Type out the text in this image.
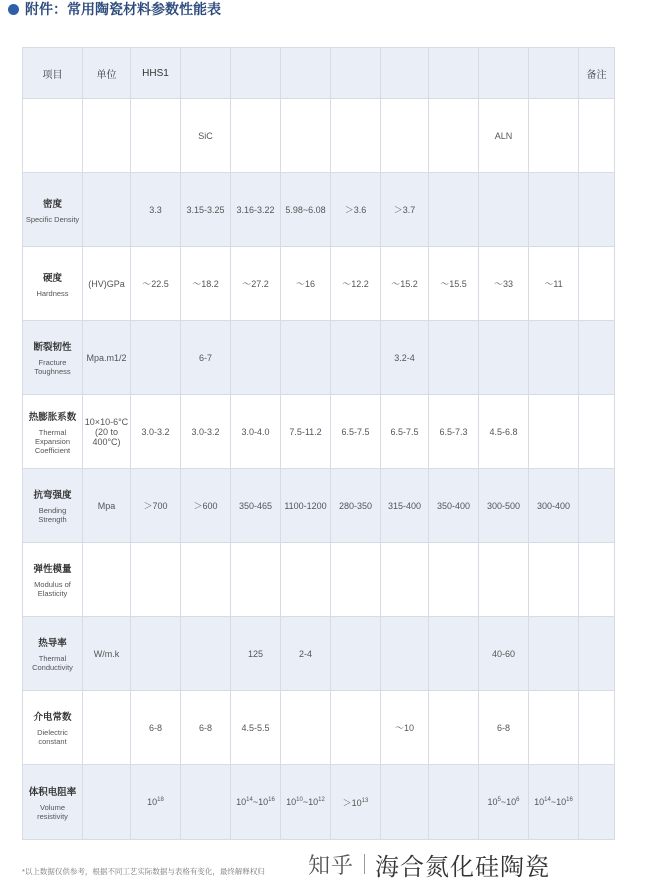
附件：常用陶瓷材料参数性能表
项目	单位	HHS1									备注
			SiC						ALN		

密度
Specific Density		3.3	3.15-3.25	3.16-3.22	5.98~6.08	＞3.6	＞3.7				

硬度
Hardness	(HV)GPa	～22.5	～18.2	～27.2	～16	～12.2	～15.2	～15.5	～33	～11	

断裂韧性
Fracture Toughness	Mpa.m1/2		6-7				3.2-4				

热膨胀系数
Thermal Expansion Coefficient	10×10-6°C (20 to 400°C)	3.0-3.2	3.0-3.2	3.0-4.0	7.5-11.2	6.5-7.5	6.5-7.5	6.5-7.3	4.5-6.8		

抗弯强度
Bending Strength	Mpa	＞700	＞600	350-465	1100-1200	280-350	315-400	350-400	300-500	300-400	

弹性模量
Modulus of Elasticity											

热导率
Thermal Conductivity	W/m.k			125	2-4				40-60		

介电常数
Dielectric constant		6-8	6-8	4.5-5.5			～10		6-8		

体积电阻率
Volume resistivity		$10^{18}$		$10^{14}\sim 10^{16}$	$10^{10}\sim 10^{12}$	$>10^{13}$			$10^5\sim 10^6$	$10^{14}\sim 10^{16}$	
*以上数据仅供参考，根据不同工艺实际数据与表格有变化，最终解释权归 知乎 海合氮化硅陶瓷
